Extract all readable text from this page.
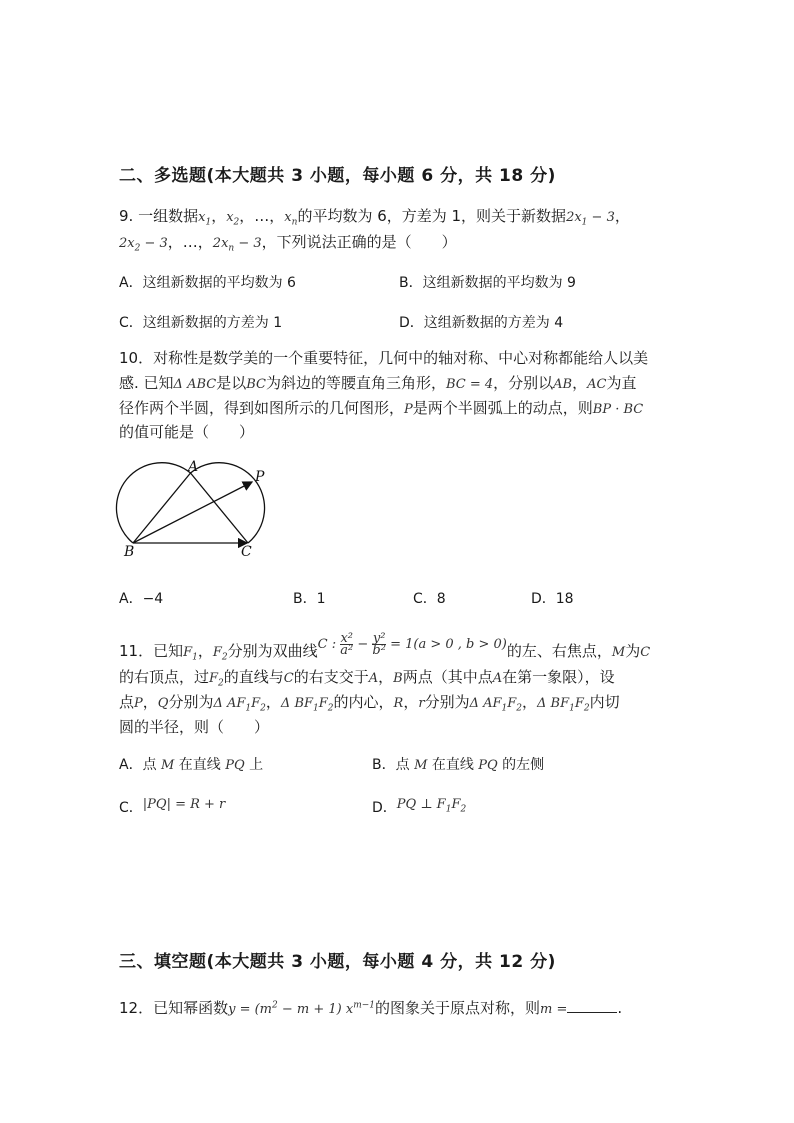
二、多选题(本大题共 3 小题，每小题 6 分，共 18 分)
9. 一组数据$x_1$，$x_2$，…，$x_n$的平均数为 6，方差为 1，则关于新数据$2x_1 - 3$，
$2x_2 - 3$，…，$2x_n - 3$，下列说法正确的是（　　）
A．这组新数据的平均数为 6	B．这组新数据的平均数为 9
C．这组新数据的方差为 1	D．这组新数据的方差为 4
10．对称性是数学美的一个重要特征，几何中的轴对称、中心对称都能给人以美
感. 已知Δ ABC是以BC为斜边的等腰直角三角形，BC = 4，分别以AB，AC为直
径作两个半圆，得到如图所示的几何图形，P是两个半圆弧上的动点，则BP · BC
的值可能是（　　）
A
P
B	C
A．−4	B．1	C．8	D．18
11．已知$F_1$，$F_2$分别为双曲线C : $\frac{\text{x²}}{\text{a²}} - \frac{\text{y²}}{\text{b²}} = 1(a > 0$ , b > 0)的左、右焦点，M为C
的右顶点，过$F_2$的直线与C的右支交于A，B两点（其中点A在第一象限），设
点P，Q分别为Δ $AF_1F_2$，Δ $BF_1F_2$的内心，R，r分别为Δ $AF_1F_2$，Δ $BF_1F_2$内切
圆的半径，则（　　）
A．点 M 在直线 PQ 上	B．点 M 在直线 PQ 的左侧
C．|PQ| = R + r	D．PQ ⊥ $F_1F_2$
三、填空题(本大题共 3 小题，每小题 4 分，共 12 分)
12．已知幂函数$y = (m^2 - m + 1)$ $x^{m-1}$的图象关于原点对称，则m =	.
